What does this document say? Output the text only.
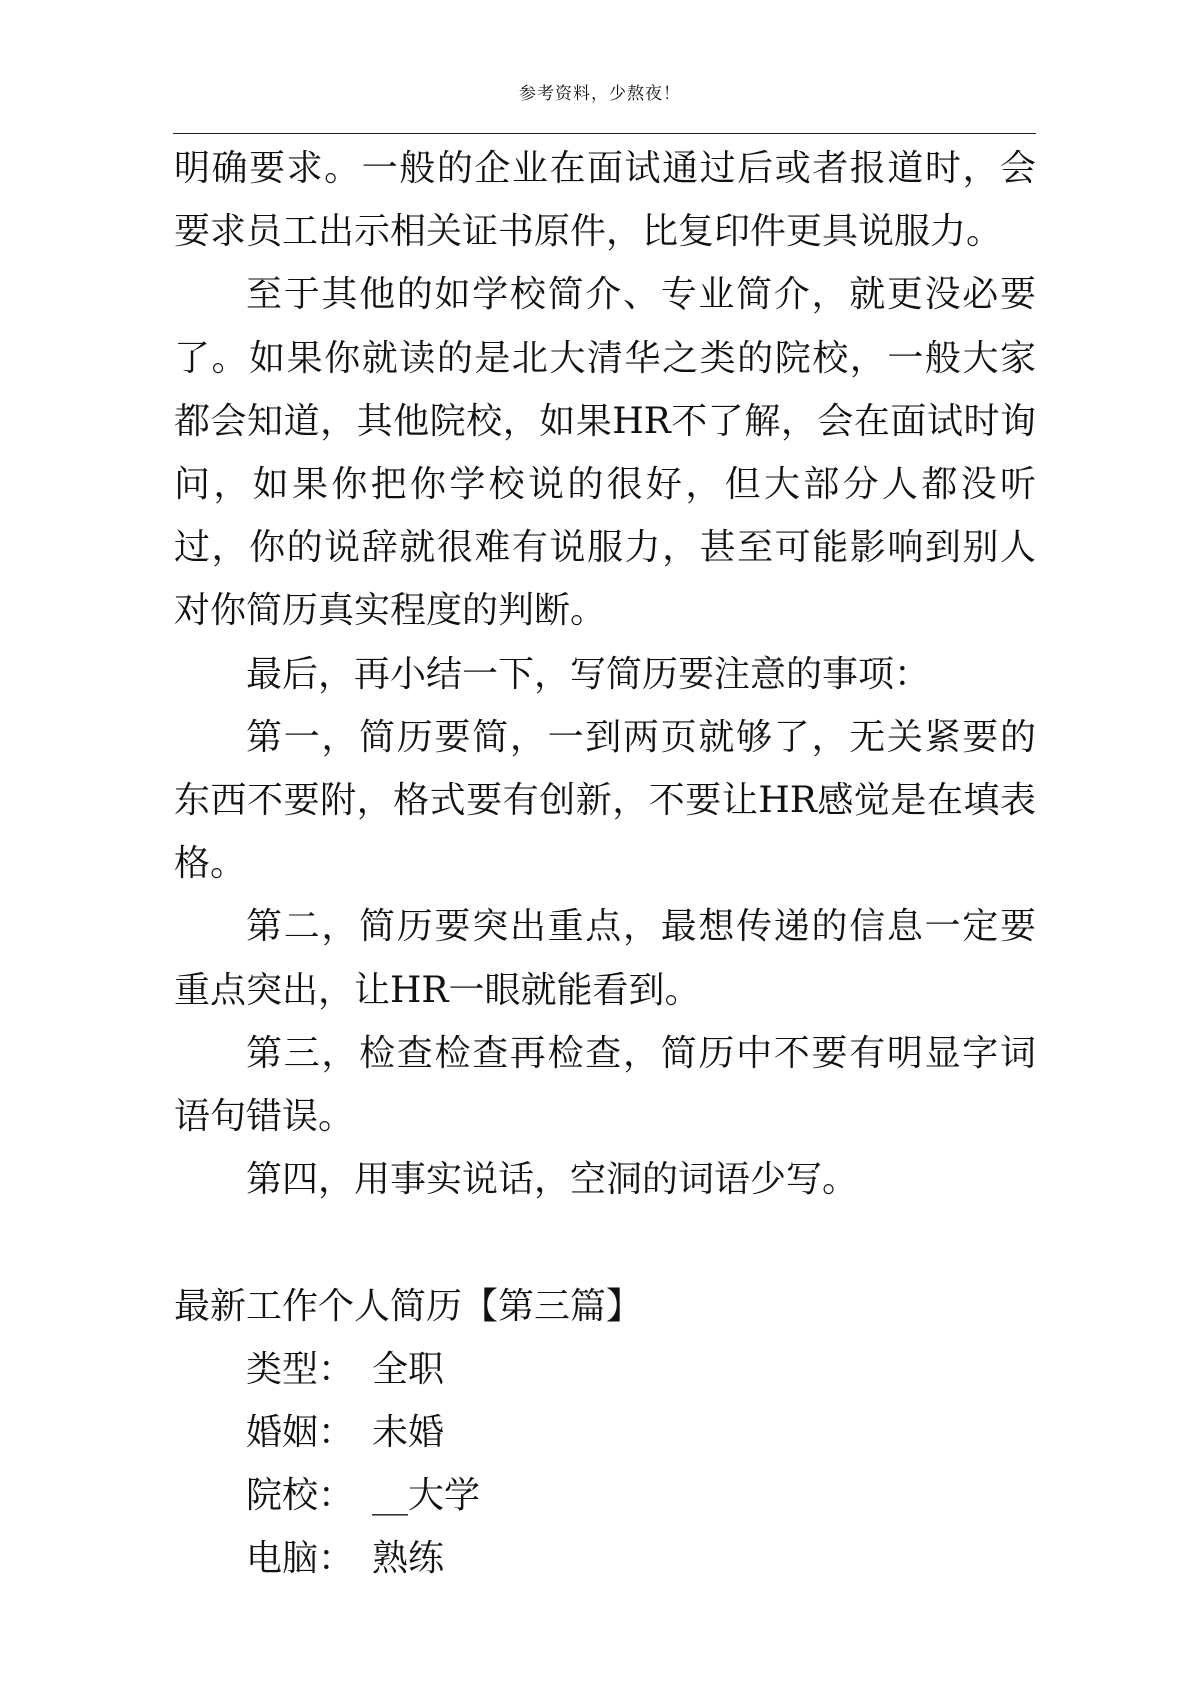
参考资料，少熬夜！

明确要求。一般的企业在面试通过后或者报道时，会要求员工出示相关证书原件，比复印件更具说服力。

至于其他的如学校简介、专业简介，就更没必要了。如果你就读的是北大清华之类的院校，一般大家都会知道，其他院校，如果HR不了解，会在面试时询问，如果你把你学校说的很好，但大部分人都没听过，你的说辞就很难有说服力，甚至可能影响到别人对你简历真实程度的判断。

最后，再小结一下，写简历要注意的事项：

第一，简历要简，一到两页就够了，无关紧要的东西不要附，格式要有创新，不要让HR感觉是在填表格。

第二，简历要突出重点，最想传递的信息一定要重点突出，让HR一眼就能看到。

第三，检查检查再检查，简历中不要有明显字词语句错误。

第四，用事实说话，空洞的词语少写。

最新工作个人简历【第三篇】

类型： 全职
婚姻： 未婚
院校： __大学
电脑： 熟练
